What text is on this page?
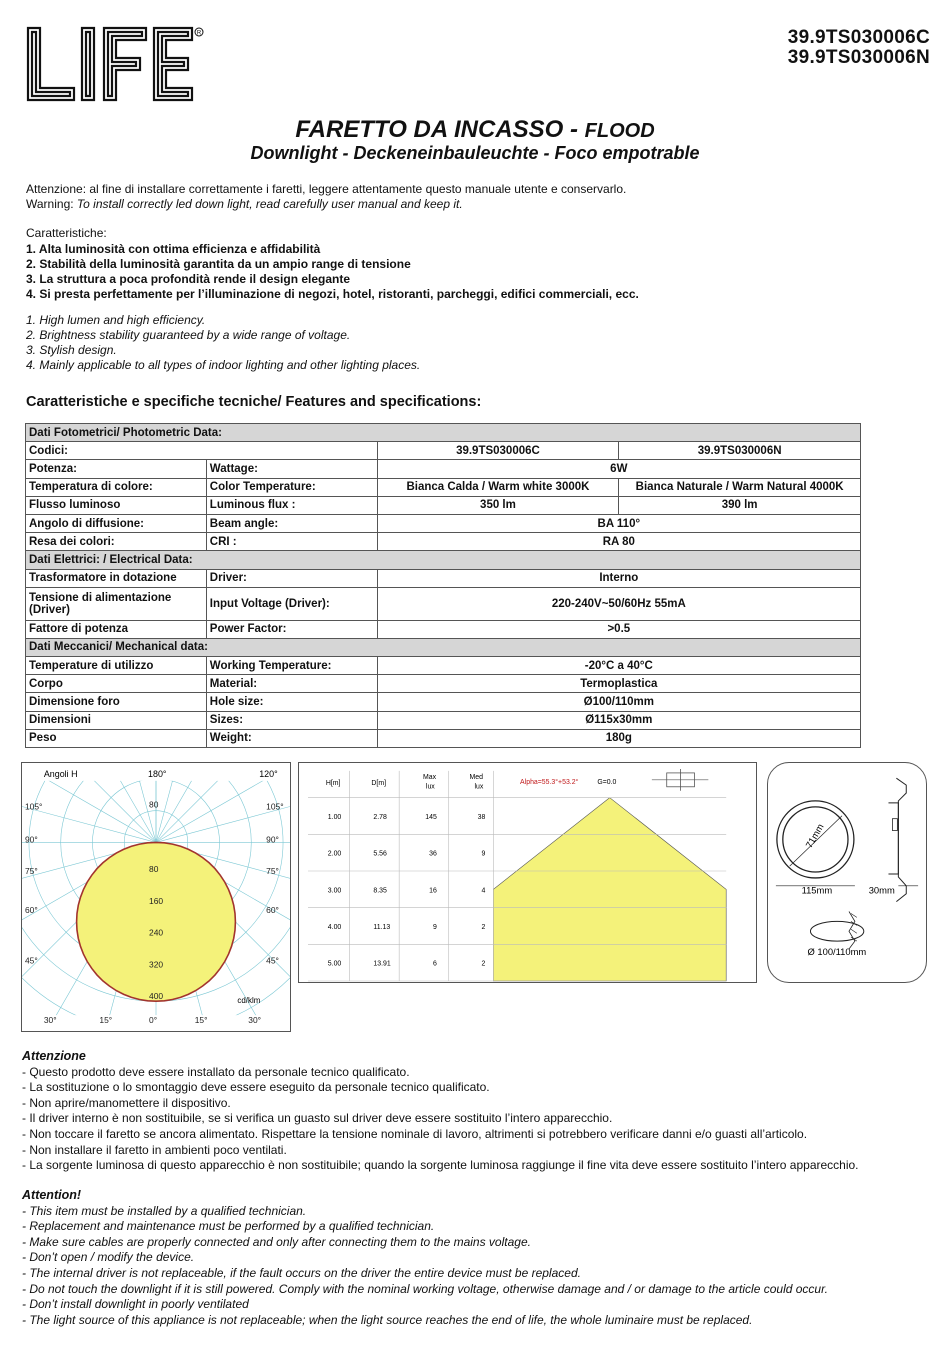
R	39.9TS030006C
39.9TS030006N
FARETTO DA INCASSO - FLOOD
Downlight - Deckeneinbauleuchte - Foco empotrable
Attenzione: al fine di installare correttamente i faretti, leggere attentamente questo manuale utente e conservarlo.
Warning: To install correctly led down light, read carefully user manual and keep it.
Caratteristiche:
1. Alta luminosità con ottima efficienza e affidabilità
2. Stabilità della luminosità garantita da un ampio range di tensione
3. La struttura a poca profondità rende il design elegante
4. Si presta perfettamente per l’illuminazione di negozi, hotel, ristoranti, parcheggi, edifici commerciali, ecc.
1. High lumen and high efficiency.
2. Brightness stability guaranteed by a wide range of voltage.
3. Stylish design.
4. Mainly applicable to all types of indoor lighting and other lighting places.
Caratteristiche e specifiche tecniche/ Features and specifications:
Dati Fotometrici/ Photometric Data:			
Codici:		39.9TS030006C	39.9TS030006N
Potenza:	Wattage:	6W	
Temperatura di colore:	Color Temperature:	Bianca Calda / Warm white 3000K	Bianca Naturale / Warm Natural 4000K
Flusso luminoso	Luminous flux :	350 lm	390 lm
Angolo di diffusione:	Beam angle:	BA 110°	
Resa dei colori:	CRI :	RA 80	
Dati Elettrici: / Electrical Data:			
Trasformatore in dotazione	Driver:	Interno	
Tensione di alimentazione (Driver)	Input Voltage (Driver):	220-240V~50/60Hz 55mA	
Fattore di potenza	Power Factor:	>0.5	
Dati Meccanici/ Mechanical data:			
Temperature di utilizzo	Working Temperature:	-20°C a 40°C	
Corpo	Material:	Termoplastica	
Dimensione foro	Hole size:	Ø100/110mm	
Dimensioni	Sizes:	Ø115x30mm	
Peso	Weight:	180g	
80
160
240
320
400
80
105°	105°
90°	90°
75°	75°
60°	60°
45°	45°
30°	15°	0°	15°	30°
Angoli H	180°	120°
cd/klm
H[m]	D[m]
Max
lux
Med
lux
Alpha=55.3°+53.2°	G=0.0
1.00	2.78	145	38
2.00	5.56	36	9
3.00	8.35	16	4
4.00	11.13	9	2
5.00	13.91	6	2
71mm
115mm	30mm
Ø 100/110mm
Attenzione
- Questo prodotto deve essere installato da personale tecnico qualificato.
- La sostituzione o lo smontaggio deve essere eseguito da personale tecnico qualificato.
- Non aprire/manomettere il dispositivo.
- Il driver interno è non sostituibile, se si verifica un guasto sul driver deve essere sostituito l’intero apparecchio.
- Non toccare il faretto se ancora alimentato. Rispettare la tensione nominale di lavoro, altrimenti si potrebbero verificare danni e/o guasti all’articolo.
- Non installare il faretto in ambienti poco ventilati.
- La sorgente luminosa di questo apparecchio è non sostituibile; quando la sorgente luminosa raggiunge il fine vita deve essere sostituito l’intero apparecchio.
Attention!
- This item must be installed by a qualified technician.
- Replacement and maintenance must be performed by a qualified technician.
- Make sure cables are properly connected and only after connecting them to the mains voltage.
- Don’t open / modify the device.
- The internal driver is not replaceable, if the fault occurs on the driver the entire device must be replaced.
- Do not touch the downlight if it is still powered. Comply with the nominal working voltage, otherwise damage and / or damage to the article could occur.
- Don’t install downlight in poorly ventilated
- The light source of this appliance is not replaceable; when the light source reaches the end of life, the whole luminaire must be replaced.
